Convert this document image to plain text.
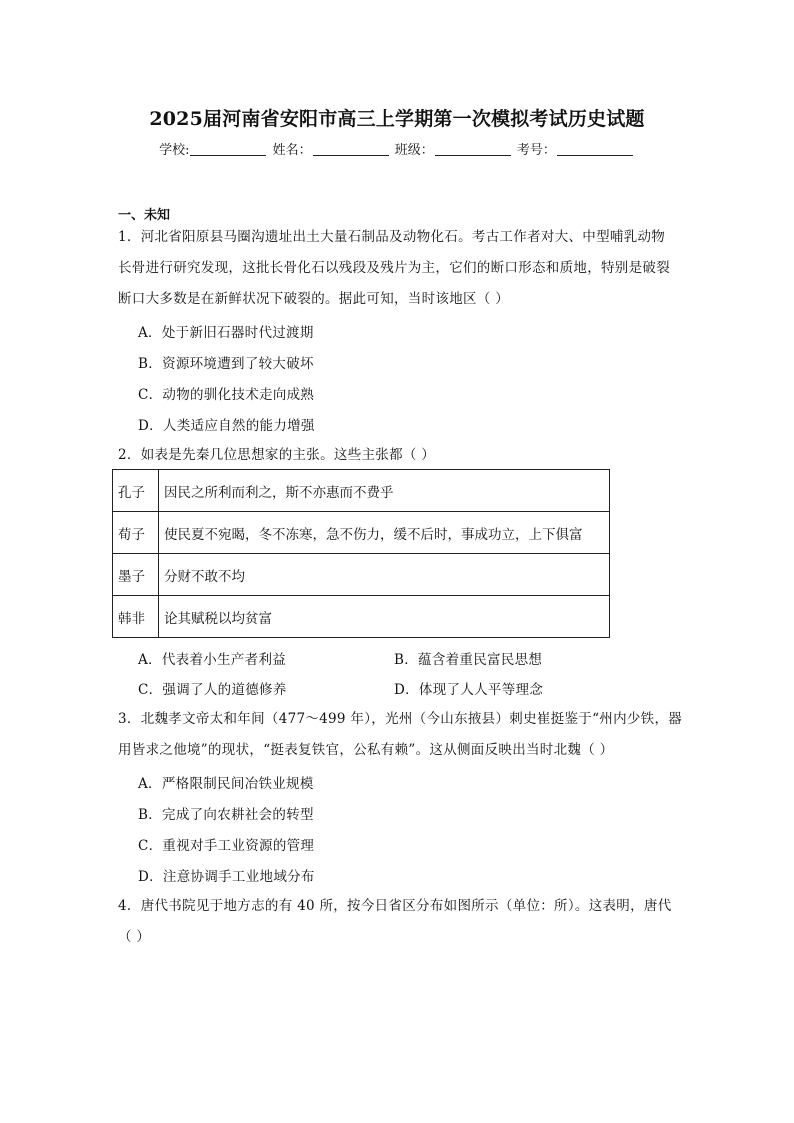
2025届河南省安阳市高三上学期第一次模拟考试历史试题
学校:	姓名：	班级：	考号：
一、未知
1．河北省阳原县马圈沟遗址出土大量石制品及动物化石。考古工作者对大、中型哺乳动物
长骨进行研究发现，这批长骨化石以残段及残片为主，它们的断口形态和质地，特别是破裂
断口大多数是在新鲜状况下破裂的。据此可知，当时该地区（ ）
A．处于新旧石器时代过渡期
B．资源环境遭到了较大破坏
C．动物的驯化技术走向成熟
D．人类适应自然的能力增强
2．如表是先秦几位思想家的主张。这些主张都（ ）
孔子	因民之所利而利之，斯不亦惠而不费乎
荀子	使民夏不宛暍，冬不冻寒，急不伤力，缓不后时，事成功立，上下俱富
墨子	分财不敢不均
韩非	论其赋税以均贫富
A．代表着小生产者利益	B．蕴含着重民富民思想
C．强调了人的道德修养	D．体现了人人平等理念
3．北魏孝文帝太和年间（477～499 年），光州（今山东掖县）刺史崔挺鉴于“州内少铁，器
用皆求之他境”的现状，“挺表复铁官，公私有赖”。这从侧面反映出当时北魏（ ）
A．严格限制民间冶铁业规模
B．完成了向农耕社会的转型
C．重视对手工业资源的管理
D．注意协调手工业地域分布
4．唐代书院见于地方志的有 40 所，按今日省区分布如图所示（单位：所）。这表明，唐代
（ ）
